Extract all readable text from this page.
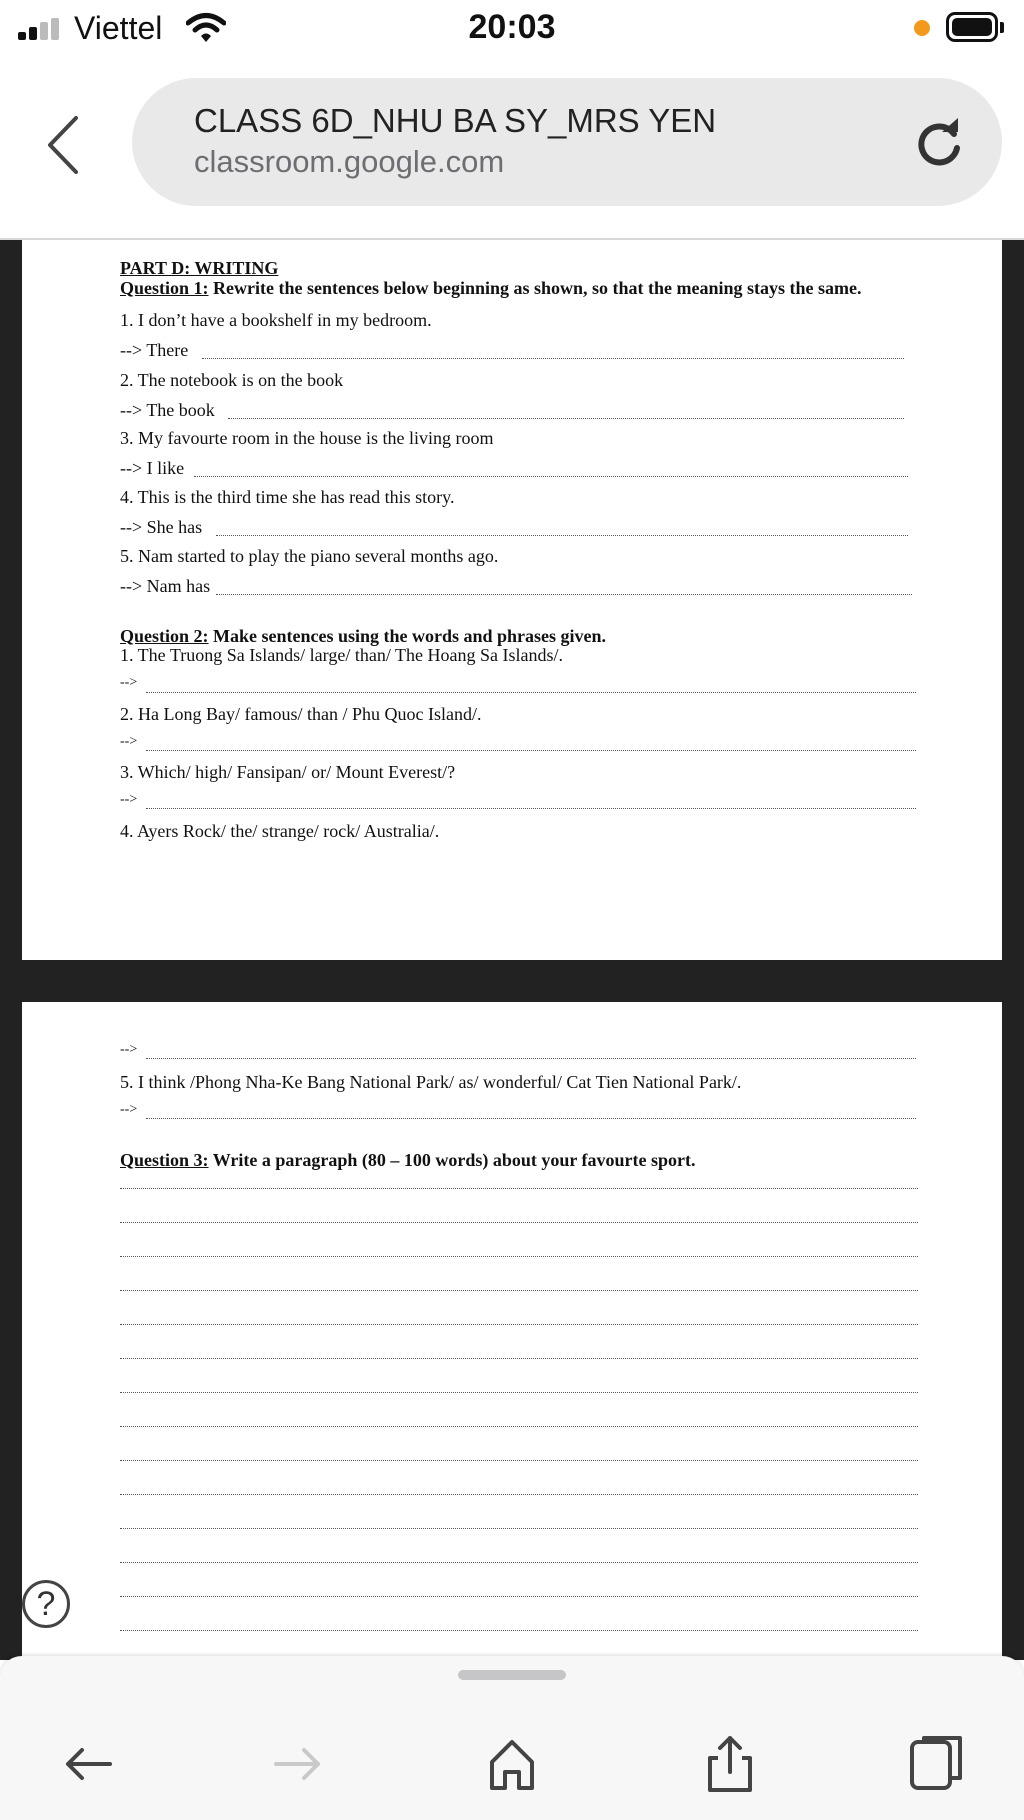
Viettel	20:03
CLASS 6D_NHU BA SY_MRS YEN
classroom.google.com
PART D: WRITING
Question 1: Rewrite the sentences below beginning as shown, so that the meaning stays the same.
1. I don’t have a bookshelf in my bedroom.
--> There
2. The notebook is on the book
--> The book
3. My favourte room in the house is the living room
--> I like
4. This is the third time she has read this story.
--> She has
5. Nam started to play the piano several months ago.
--> Nam has
Question 2: Make sentences using the words and phrases given.
1. The Truong Sa Islands/ large/ than/ The Hoang Sa Islands/.
-->
2. Ha Long Bay/ famous/ than / Phu Quoc Island/.
-->
3. Which/ high/ Fansipan/ or/ Mount Everest/?
-->
4. Ayers Rock/ the/ strange/ rock/ Australia/.
-->
5. I think /Phong Nha-Ke Bang National Park/ as/ wonderful/ Cat Tien National Park/.
-->
Question 3: Write a paragraph (80 – 100 words) about your favourte sport.
?
